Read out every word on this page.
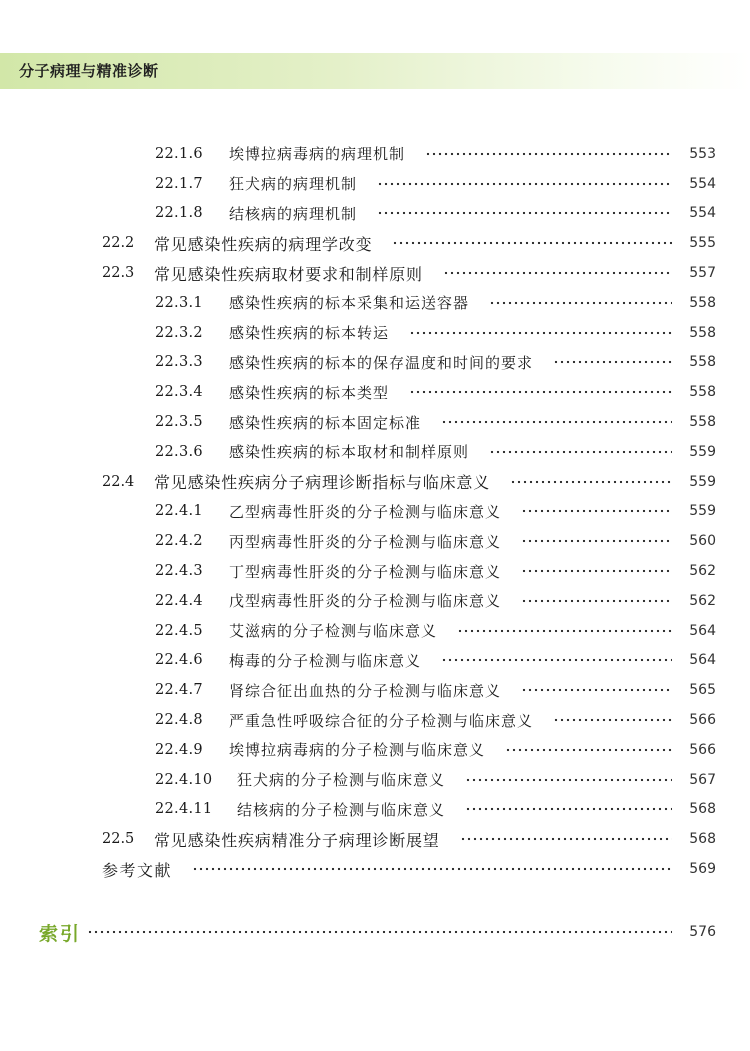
分子病理与精准诊断
22.1.6	埃博拉病毒病的病理机制	553
22.1.7	狂犬病的病理机制	554
22.1.8	结核病的病理机制	554
22.2	常见感染性疾病的病理学改变	555
22.3	常见感染性疾病取材要求和制样原则	557
22.3.1	感染性疾病的标本采集和运送容器	558
22.3.2	感染性疾病的标本转运	558
22.3.3	感染性疾病的标本的保存温度和时间的要求	558
22.3.4	感染性疾病的标本类型	558
22.3.5	感染性疾病的标本固定标准	558
22.3.6	感染性疾病的标本取材和制样原则	559
22.4	常见感染性疾病分子病理诊断指标与临床意义	559
22.4.1	乙型病毒性肝炎的分子检测与临床意义	559
22.4.2	丙型病毒性肝炎的分子检测与临床意义	560
22.4.3	丁型病毒性肝炎的分子检测与临床意义	562
22.4.4	戊型病毒性肝炎的分子检测与临床意义	562
22.4.5	艾滋病的分子检测与临床意义	564
22.4.6	梅毒的分子检测与临床意义	564
22.4.7	肾综合征出血热的分子检测与临床意义	565
22.4.8	严重急性呼吸综合征的分子检测与临床意义	566
22.4.9	埃博拉病毒病的分子检测与临床意义	566
22.4.10	狂犬病的分子检测与临床意义	567
22.4.11	结核病的分子检测与临床意义	568
22.5	常见感染性疾病精准分子病理诊断展望	568
参考文献	569
索引	576
